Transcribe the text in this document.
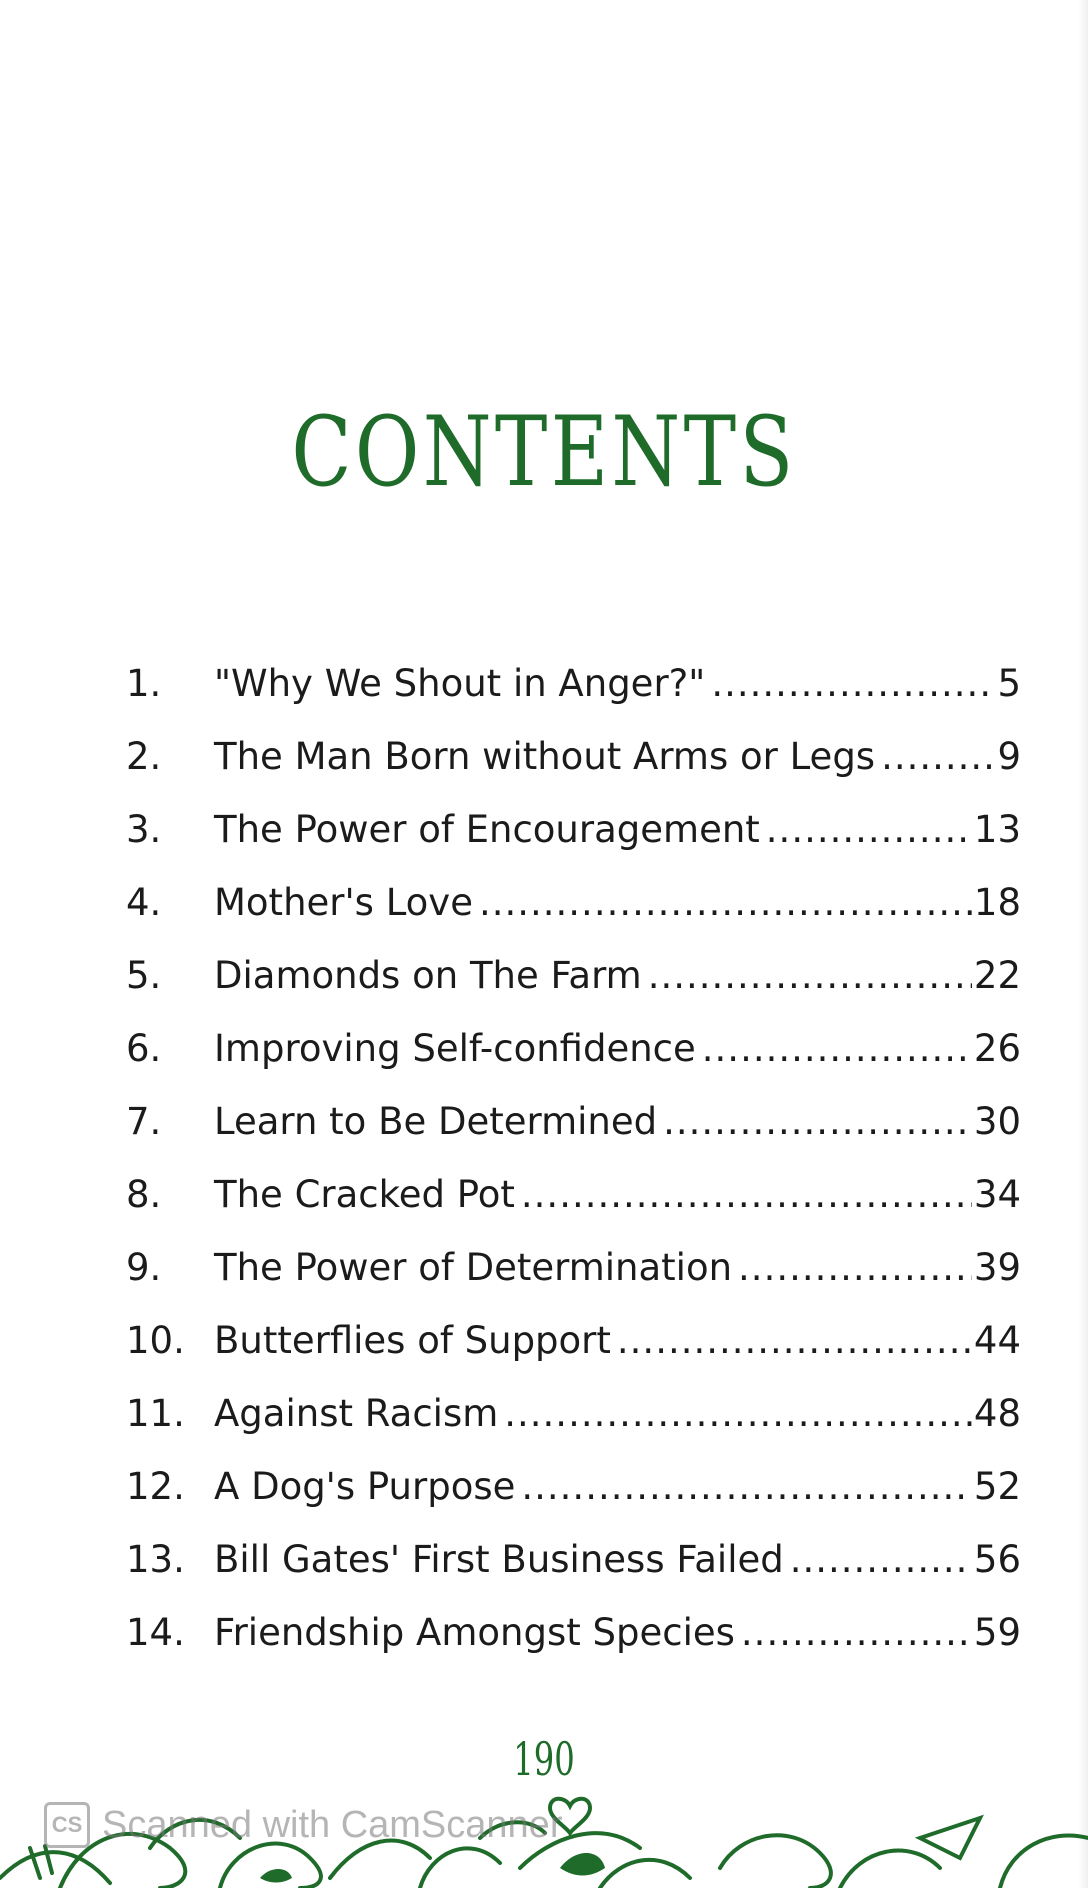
CONTENTS
1.	"Why We Shout in Anger?" .....	5
2.	The Man Born without Arms or Legs .....	9
3.	The Power of Encouragement .....	13
4.	Mother's Love .....	18
5.	Diamonds on The Farm .....	22
6.	Improving Self-confidence .....	26
7.	Learn to Be Determined .....	30
8.	The Cracked Pot .....	34
9.	The Power of Determination .....	39
10. Butterflies of Support .....	44
11. Against Racism .....	48
12. A Dog's Purpose .....	52
13. Bill Gates' First Business Failed .....	56
14. Friendship Amongst Species .....	59
190
CS Scanned with CamScanner
